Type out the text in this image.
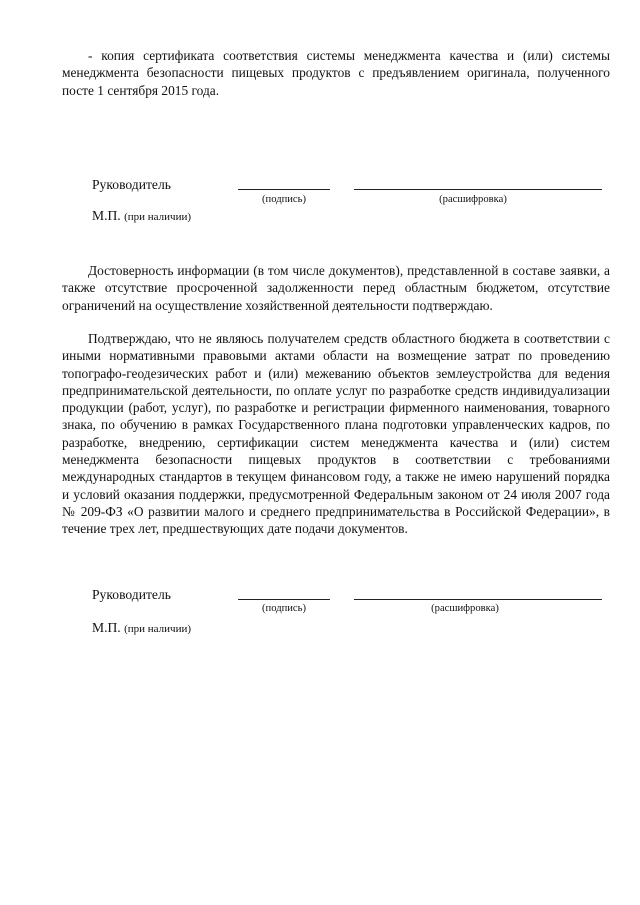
- копия сертификата соответствия системы менеджмента качества и (или) системы менеджмента безопасности пищевых продуктов с предъявлением оригинала, полученного посте 1 сентября 2015 года.
Руководитель
(подпись)	(расшифровка)
М.П. (при наличии)
Достоверность информации (в том числе документов), представленной в составе заявки, а также отсутствие просроченной задолженности перед областным бюджетом, отсутствие ограничений на осуществление хозяйственной деятельности подтверждаю.
Подтверждаю, что не являюсь получателем средств областного бюджета в соответствии с иными нормативными правовыми актами области на возмещение затрат по проведению топографо-геодезических работ и (или) межеванию объектов землеустройства для ведения предпринимательской деятельности, по оплате услуг по разработке средств индивидуализации продукции (работ, услуг), по разработке и регистрации фирменного наименования, товарного знака, по обучению в рамках Государственного плана подготовки управленческих кадров, по разработке, внедрению, сертификации систем менеджмента качества и (или) систем менеджмента безопасности пищевых продуктов в соответствии с требованиями международных стандартов в текущем финансовом году, а также не имею нарушений порядка и условий оказания поддержки, предусмотренной Федеральным законом от 24 июля 2007 года № 209-ФЗ «О развитии малого и среднего предпринимательства в Российской Федерации», в течение трех лет, предшествующих дате подачи документов.
Руководитель
(подпись)	(расшифровка)
М.П. (при наличии)
